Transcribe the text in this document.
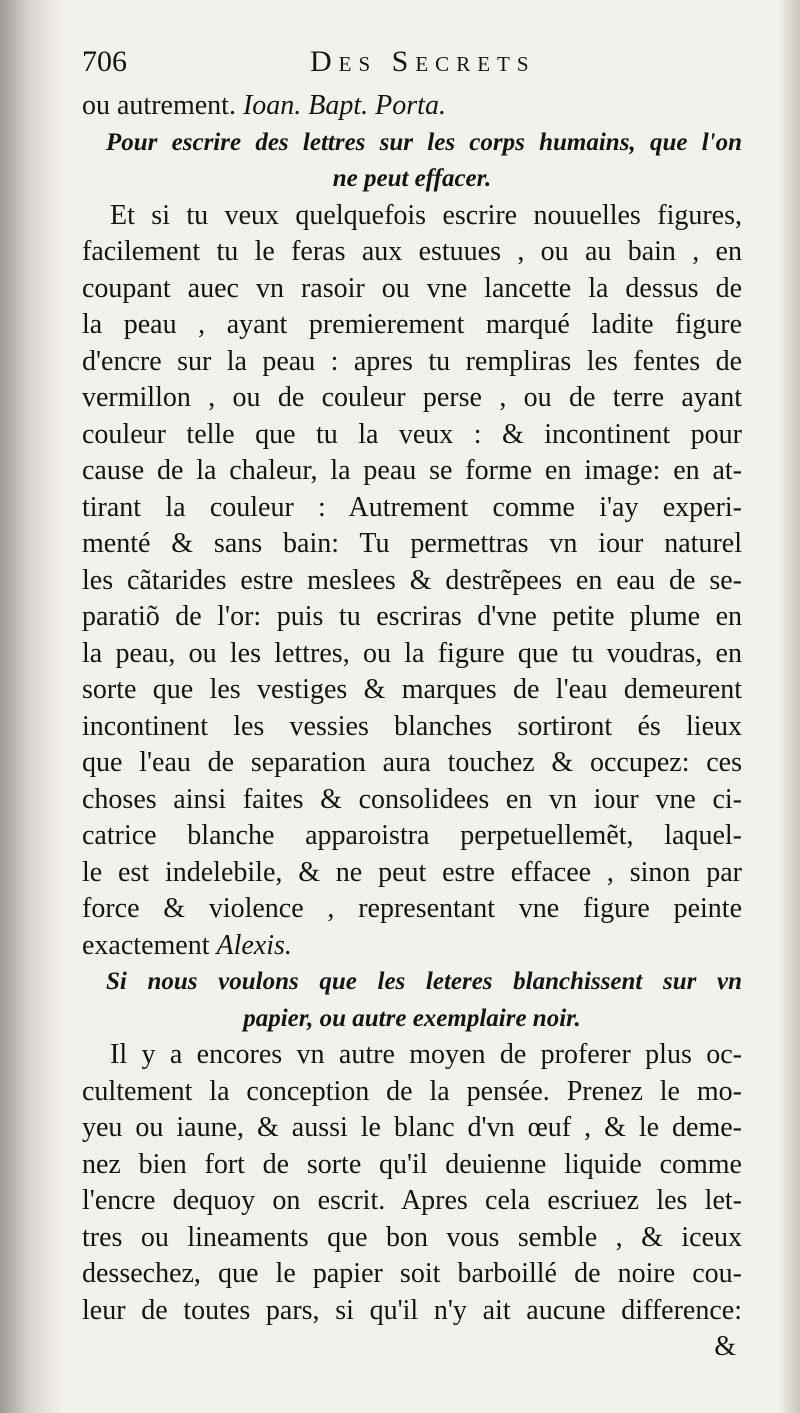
706	Des Secrets
ou autrement. Ioan. Bapt. Porta.
Pour escrire des lettres sur les corps humains, que l'on
ne peut effacer.
Et si tu veux quelquefois escrire nouuelles figures,
facilement tu le feras aux estuues , ou au bain , en
coupant auec vn rasoir ou vne lancette la dessus de
la peau , ayant premierement marqué ladite figure
d'encre sur la peau : apres tu rempliras les fentes de
vermillon , ou de couleur perse , ou de terre ayant
couleur telle que tu la veux : & incontinent pour
cause de la chaleur, la peau se forme en image: en at-
tirant la couleur : Autrement comme i'ay experi-
menté & sans bain: Tu permettras vn iour naturel
les cãtarides estre meslees & destrẽpees en eau de se-
paratiõ de l'or: puis tu escriras d'vne petite plume en
la peau, ou les lettres, ou la figure que tu voudras, en
sorte que les vestiges & marques de l'eau demeurent
incontinent les vessies blanches sortiront és lieux
que l'eau de separation aura touchez & occupez: ces
choses ainsi faites & consolidees en vn iour vne ci-
catrice blanche apparoistra perpetuellemẽt, laquel-
le est indelebile, & ne peut estre effacee , sinon par
force & violence , representant vne figure peinte
exactement Alexis.
Si nous voulons que les leteres blanchissent sur vn
papier, ou autre exemplaire noir.
Il y a encores vn autre moyen de proferer plus oc-
cultement la conception de la pensée. Prenez le mo-
yeu ou iaune, & aussi le blanc d'vn œuf , & le deme-
nez bien fort de sorte qu'il deuienne liquide comme
l'encre dequoy on escrit. Apres cela escriuez les let-
tres ou lineaments que bon vous semble , & iceux
dessechez, que le papier soit barboillé de noire cou-
leur de toutes pars, si qu'il n'y ait aucune difference:
&
